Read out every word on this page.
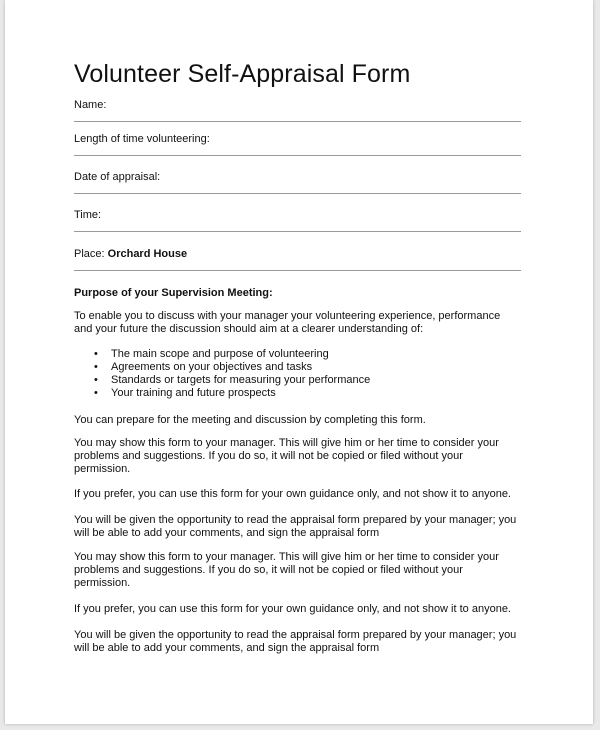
Volunteer Self-Appraisal Form
Name:
Length of time volunteering:
Date of appraisal:
Time:
Place: Orchard House
Purpose of your Supervision Meeting:
To enable you to discuss with your manager your volunteering experience, performance and your future the discussion should aim at a clearer understanding of:
• The main scope and purpose of volunteering
• Agreements on your objectives and tasks
• Standards or targets for measuring your performance
• Your training and future prospects
You can prepare for the meeting and discussion by completing this form.
You may show this form to your manager. This will give him or her time to consider your problems and suggestions. If you do so, it will not be copied or filed without your permission.
If you prefer, you can use this form for your own guidance only, and not show it to anyone.
You will be given the opportunity to read the appraisal form prepared by your manager; you will be able to add your comments, and sign the appraisal form
You may show this form to your manager. This will give him or her time to consider your problems and suggestions. If you do so, it will not be copied or filed without your permission.
If you prefer, you can use this form for your own guidance only, and not show it to anyone.
You will be given the opportunity to read the appraisal form prepared by your manager; you will be able to add your comments, and sign the appraisal form
